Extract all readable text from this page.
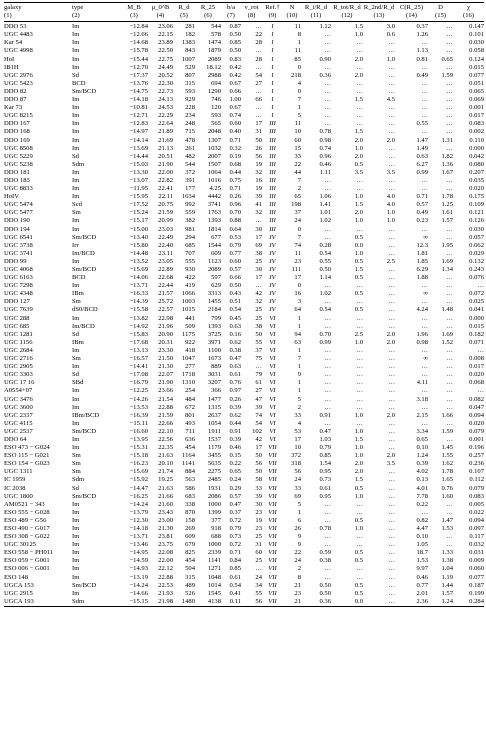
galaxy	type	M_B	μ_0^B	R_d	R_25	b/a	v_rot	Ref.†	N	R_i/R_d	R_tot/R_d	R_2nd/R_d	C(R_25)	D	χ
(1)	(2)	(3)	(4)	(5)	(6)	(7)	(8)	(9)	(10)	(11)	(12)	(13)	(14)	(15)	(16)
DDO 53	Im	−12.84	23.06	281	544	0.87	…	I	11	1.12	1.5	3.0	0.37	…	0.147
UGC 4483	Im	−12.66	22.15	182	578	0.50	22	I	8	…	1.0	0.6	1.26	…	0.101
Kar 54	Im	−14.68	23.89	1383	1474	0.85	28	I	1	…	…	…	…	…	0.030
UGC 4998	Im	−15.78	22.50	843	1879	0.50	…	I	11	…	…	…	1.13	…	0.058
HoI	Im	−15.44	22.75	1007	2089	0.83	28	I	85	0.90	2.0	1.0	0.81	0.65	0.124
IB1H	Im	−12.70	24.49	529	18.12	0.42	…	I	0	…	…	…	…	…	0.015
UGC 2976	Sd	−17.37	20.52	807	2988	0.42	54	I	218	0.36	2.0	…	0.49	1.59	0.077
UGC 5423	BCD	−13.76	22.30	315	694	0.67	27	I	4	…	…	…	…	…	0.051
DDO 82	Sm/BCD	−14.75	22.73	593	1290	0.66	…	I	0	…	…	…	…	…	0.065
DDO 87	Im	−14.18	24.13	929	746	1.00	66	I	7	…	1.5	4.5	…	…	0.069
Kar 73	Im	−10.81	24.53	228	120	0.67	…	I	1	…	…	…	…	…	0.001
UGC 8215	Im	−12.71	22.29	234	593	0.74	…	I	5	…	…	…	…	…	0.017
DDO 167	Im	−12.83	22.64	248	565	0.60	17	III	11	…	…	…	0.55	…	0.083
DDO 168	Im	−14.97	21.89	715	2048	0.40	31	III	10	0.78	1.5	…	…	…	0.002
DDO 169	Im	−14.14	21.69	478	1307	0.71	50	III	60	0.98	2.0	2.0	1.47	1.31	0.110
UGC 8508	Im	−13.69	21.13	261	1032	0.32	26	III	15	0.74	1.0	…	1.49	…	0.000
UGC 5229	Sd	−14.44	20.51	482	2007	0.19	56	III	33	0.96	2.0	…	0.63	1.82	0.042
UGC 5238	Sdm	−15.03	21.90	544	1507	0.68	19	III	22	0.46	0.5	…	6.27	1.36	0.080
DDO 181	Im	−13.30	22.00	372	1064	0.44	32	III	44	1.11	3.5	3.5	0.99	1.67	0.207
DDO 183	Im	−13.07	22.82	391	1016	0.75	16	III	7	…	…	…	…	…	0.035
UGC 8833	Im	−11.95	22.41	177	4.25	0.71	19	III	2	…	…	…	…	…	0.020
HoIV	Im	−15.95	22.11	1634	4442	0.26	39	III	65	1.06	1.0	4.0	0.71	1.78	0.175
UGC 5474	Scd	−17.52	20.75	992	3741	0.96	41	III	198	1.41	1.5	4.0	0.57	1.25	0.109
UGC 5477	Sm	−15.24	21.59	559	1763	0.70	32	III	37	1.01	2.0	1.0	0.49	1.61	0.121
DDO 190	Im	−15.17	20.99	382	1393	0.88	…	III	24	1.02	1.0	1.0	0.23	1.57	0.126
DDO 194	Im	−15.00	23.03	981	1814	0.64	30	III	0	…	…	…	…	…	0.030
UGC 6541	Sm/BCD	−13.40	22.49	294	677	0.53	17	IV	7	…	0.5	…	∞	…	0.057
UGC 3738	Irr	−15.80	22.40	685	1544	0.79	69	IV	74	0.28	0.0	…	12.3	1.95	0.062
UGC 3741	Im/BCD	−14.48	23.11	707	609	0.77	38	IV	11	0.54	1.0	…	1.81	…	0.029
DDO 99	Im	−13.52	23.05	555	1123	0.60	25	IV	23	0.55	0.5	2.5	1.85	1.69	0.132
UGC 4068	Sm/BCD	−15.69	22.89	930	2089	0.57	30	IV	111	0.50	1.5	…	6.29	1.34	0.243
UGC 6163	BCD	−14.06	22.68	422	597	0.66	17	IV	17	1.14	0.5	…	1.88	…	0.076
UGC 7298	Im	−13.71	22.44	419	629	0.50	…	IV	0	…	…	…	…	…	…
UGC 4348	IBm	−16.33	21.57	1066	3313	0.43	42	IV	16	1.02	0.5	…	∞	…	0.072
DDO 127	Sm	−14.39	25.72	1003	1455	0.51	32	IV	3	…	…	…	…	…	0.025
UGC 7639	dS0/BCD	−15.58	22.57	1015	2184	0.54	25	IV	64	0.54	0.5	…	4.24	1.48	0.041
UGC 288	Im	−13.82	22.98	441	799	0.45	25	VI	1	…	…	…	…	…	0.000
UGC 685	Im/BCD	−14.92	21.96	509	1393	0.63	38	VI	1	…	…	…	…	…	0.015
UGC 1281	Sd	−15.83	20.90	1175	3725	0.16	50	VI	94	0.70	2.5	2.0	1.96	1.69	0.182
UGC 1156	IBm	−17.68	20.31	922	3971	0.62	55	VI	63	0.99	1.0	2.0	0.98	1.52	0.071
UGC 2684	Im	−13.13	23.30	418	1100	0.38	37	VI	1	…	…	…	…	…	…
UGC 2716	Sm	−16.57	21.50	1047	1673	0.47	75	VI	7	…	…	…	∞	…	0.008
UGC 2905	Im	−14.41	21.30	277	889	0.63	…	VI	1	…	…	…	…	…	0.017
UGC 3303	Sd	−17.08	22.07	1718	3031	0.61	79	VI	9	…	…	…	…	…	0.020
UGC 17 16	SBd	−16.79	21.90	1310	3207	0.76	61	VI	1	…	…	…	4.11	…	0.068
A0554+07	Im	−12.25	23.66	254	366	0.97	27	VI	1	…	…	…	…	…	…
UGC 3476	Im	−14.26	21.54	484	1477	0.26	47	VI	5	…	…	…	3.18	…	0.082
UGC 3600	Im	−13.53	22.88	672	1315	0.39	39	VI	2	…	…	…	…	…	0.047
UGC 2337	IBm/BCD	−16.39	21.59	801	2637	0.62	74	VI	33	0.91	1.0	2.0	2.15	1.66	0.094
UGC 4115	Im	−15.11	22.66	493	1054	0.44	54	VI	4	…	…	…	…	…	0.020
UGC 2537	Sm/BCD	−16.60	22.10	711	1911	0.91	102	VI	53	0.47	1.0	…	3.34	1.59	0.079
DDO 64	Im	−13.95	22.56	636	1537	0.39	42	VI	17	1.03	1.5	…	0.65	…	0.001
ESO 473 − G024	Im	−15.31	22.35	454	1179	0.46	17	VII	10	0.79	1.0	…	0.10	1.45	0.196
ESO 115 − G021	Sm	−15.18	21.63	1164	3455	0.15	50	VII	372	0.85	1.0	2.0	1.24	1.55	0.257
ESO 154 − G023	Sm	−16.23	20.10	1141	5635	0.22	56	VII	318	1.54	2.0	3.5	0.39	1.62	0.236
UGC 1311	Sm	−15.69	21.74	884	2275	0.65	50	VII	56	0.95	2.0	…	4.02	1.78	0.107
IC 1959	Sdm	−15.92	19.25	563	2485	0.24	58	VII	24	0.73	1.5	…	0.13	1.65	0.112
IC 2038	Sd	−14.47	21.63	586	1931	0.29	33	VII	33	0.61	0.5	…	4.01	0.76	0.079
UGC 1800	Sm/BCD	−16.25	21.66	683	2086	0.57	39	VII	69	0.95	1.0	…	7.78	1.60	0.083
AM0521 − 343	Im	−14.24	21.60	338	1000	0.47	30	VII	5	…	…	…	0.22	…	0.005
ESO 555 − G028	Im	−13.79	23.43	870	1399	0.37	23	VII	1	…	…	…	…	…	0.022
ESO 489 − G56	Im	−12.30	23.00	158	377	0.72	19	VII	6	…	0.5	…	0.82	1.47	0.094
ESO 490 − G017	Im	−14.18	21.30	269	918	0.79	23	VII	26	0.78	1.0	…	4.47	1.53	0.097
ESO 308 − G022	Im	−13.71	23.81	609	688	0.73	25	VII	9	…	…	…	0.10	…	0.117
UGC 30125	Im	−13.46	23.75	679	1000	0.72	31	VII	9	…	…	…	1.05	…	0.032
ESO 558 − PH011	Im	−14.95	22.08	825	2339	0.71	60	VII	22	0.59	0.5	…	18.7	1.33	0.031
ESO 059 − G001	Im	−14.59	22.00	454	1141	0.84	25	VII	24	0.38	0.5	…	1.53	1.38	0.009
ESO 006 − G001	Im	−14.93	22.12	504	1271	0.85	…	VII	2	…	…	…	9.97	1.04	0.060
ESO 148	Im	−13.19	22.88	315	1048	0.61	24	VII	8	…	…	…	0.46	1.19	0.077
UGCA 153	Sm/BCD	−14.24	22.53	489	1014	0.54	34	VII	21	0.50	0.5	…	0.77	1.44	0.187
UGC 2915	Im	−14.66	21.93	526	1545	0.41	55	VII	23	0.50	0.5	…	2.01	1.57	0.199
UGCA 193	Sdm	−15.15	21.98	1480	4138	0.11	56	VII	21	0.36	0.0	…	2.36	1.24	0.284
